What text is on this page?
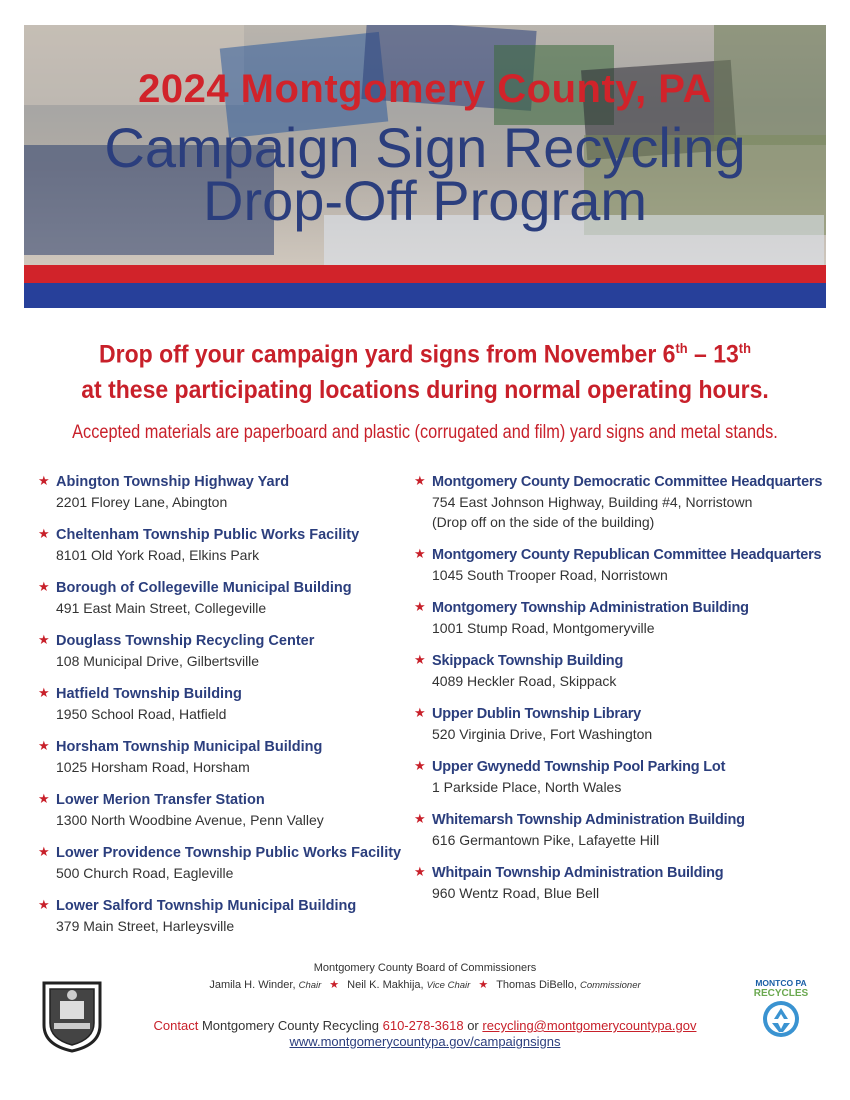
2024 Montgomery County, PA
Campaign Sign Recycling
Drop-Off Program

Drop off your campaign yard signs from November 6th – 13th

at these participating locations during normal operating hours.

Accepted materials are paperboard and plastic (corrugated and film) yard signs and metal stands.

★ Abington Township Highway Yard
2201 Florey Lane, Abington
★ Cheltenham Township Public Works Facility
8101 Old York Road, Elkins Park
★ Borough of Collegeville Municipal Building
491 East Main Street, Collegeville
★ Douglass Township Recycling Center
108 Municipal Drive, Gilbertsville
★ Hatfield Township Building
1950 School Road, Hatfield
★ Horsham Township Municipal Building
1025 Horsham Road, Horsham
★ Lower Merion Transfer Station
1300 North Woodbine Avenue, Penn Valley
★ Lower Providence Township Public Works Facility
500 Church Road, Eagleville
★ Lower Salford Township Municipal Building
379 Main Street, Harleysville
★ Montgomery County Democratic Committee Headquarters
754 East Johnson Highway, Building #4, Norristown
(Drop off on the side of the building)
★ Montgomery County Republican Committee Headquarters
1045 South Trooper Road, Norristown
★ Montgomery Township Administration Building
1001 Stump Road, Montgomeryville
★ Skippack Township Building
4089 Heckler Road, Skippack
★ Upper Dublin Township Library
520 Virginia Drive, Fort Washington
★ Upper Gwynedd Township Pool Parking Lot
1 Parkside Place, North Wales
★ Whitemarsh Township Administration Building
616 Germantown Pike, Lafayette Hill
★ Whitpain Township Administration Building
960 Wentz Road, Blue Bell
Montgomery County Board of Commissioners
Jamila H. Winder, Chair ★ Neil K. Makhija, Vice Chair ★ Thomas DiBello, Commissioner
Contact Montgomery County Recycling 610-278-3618 or recycling@montgomerycountypa.gov
www.montgomerycountypa.gov/campaignsigns
MONTCO PA
RECYCLES
